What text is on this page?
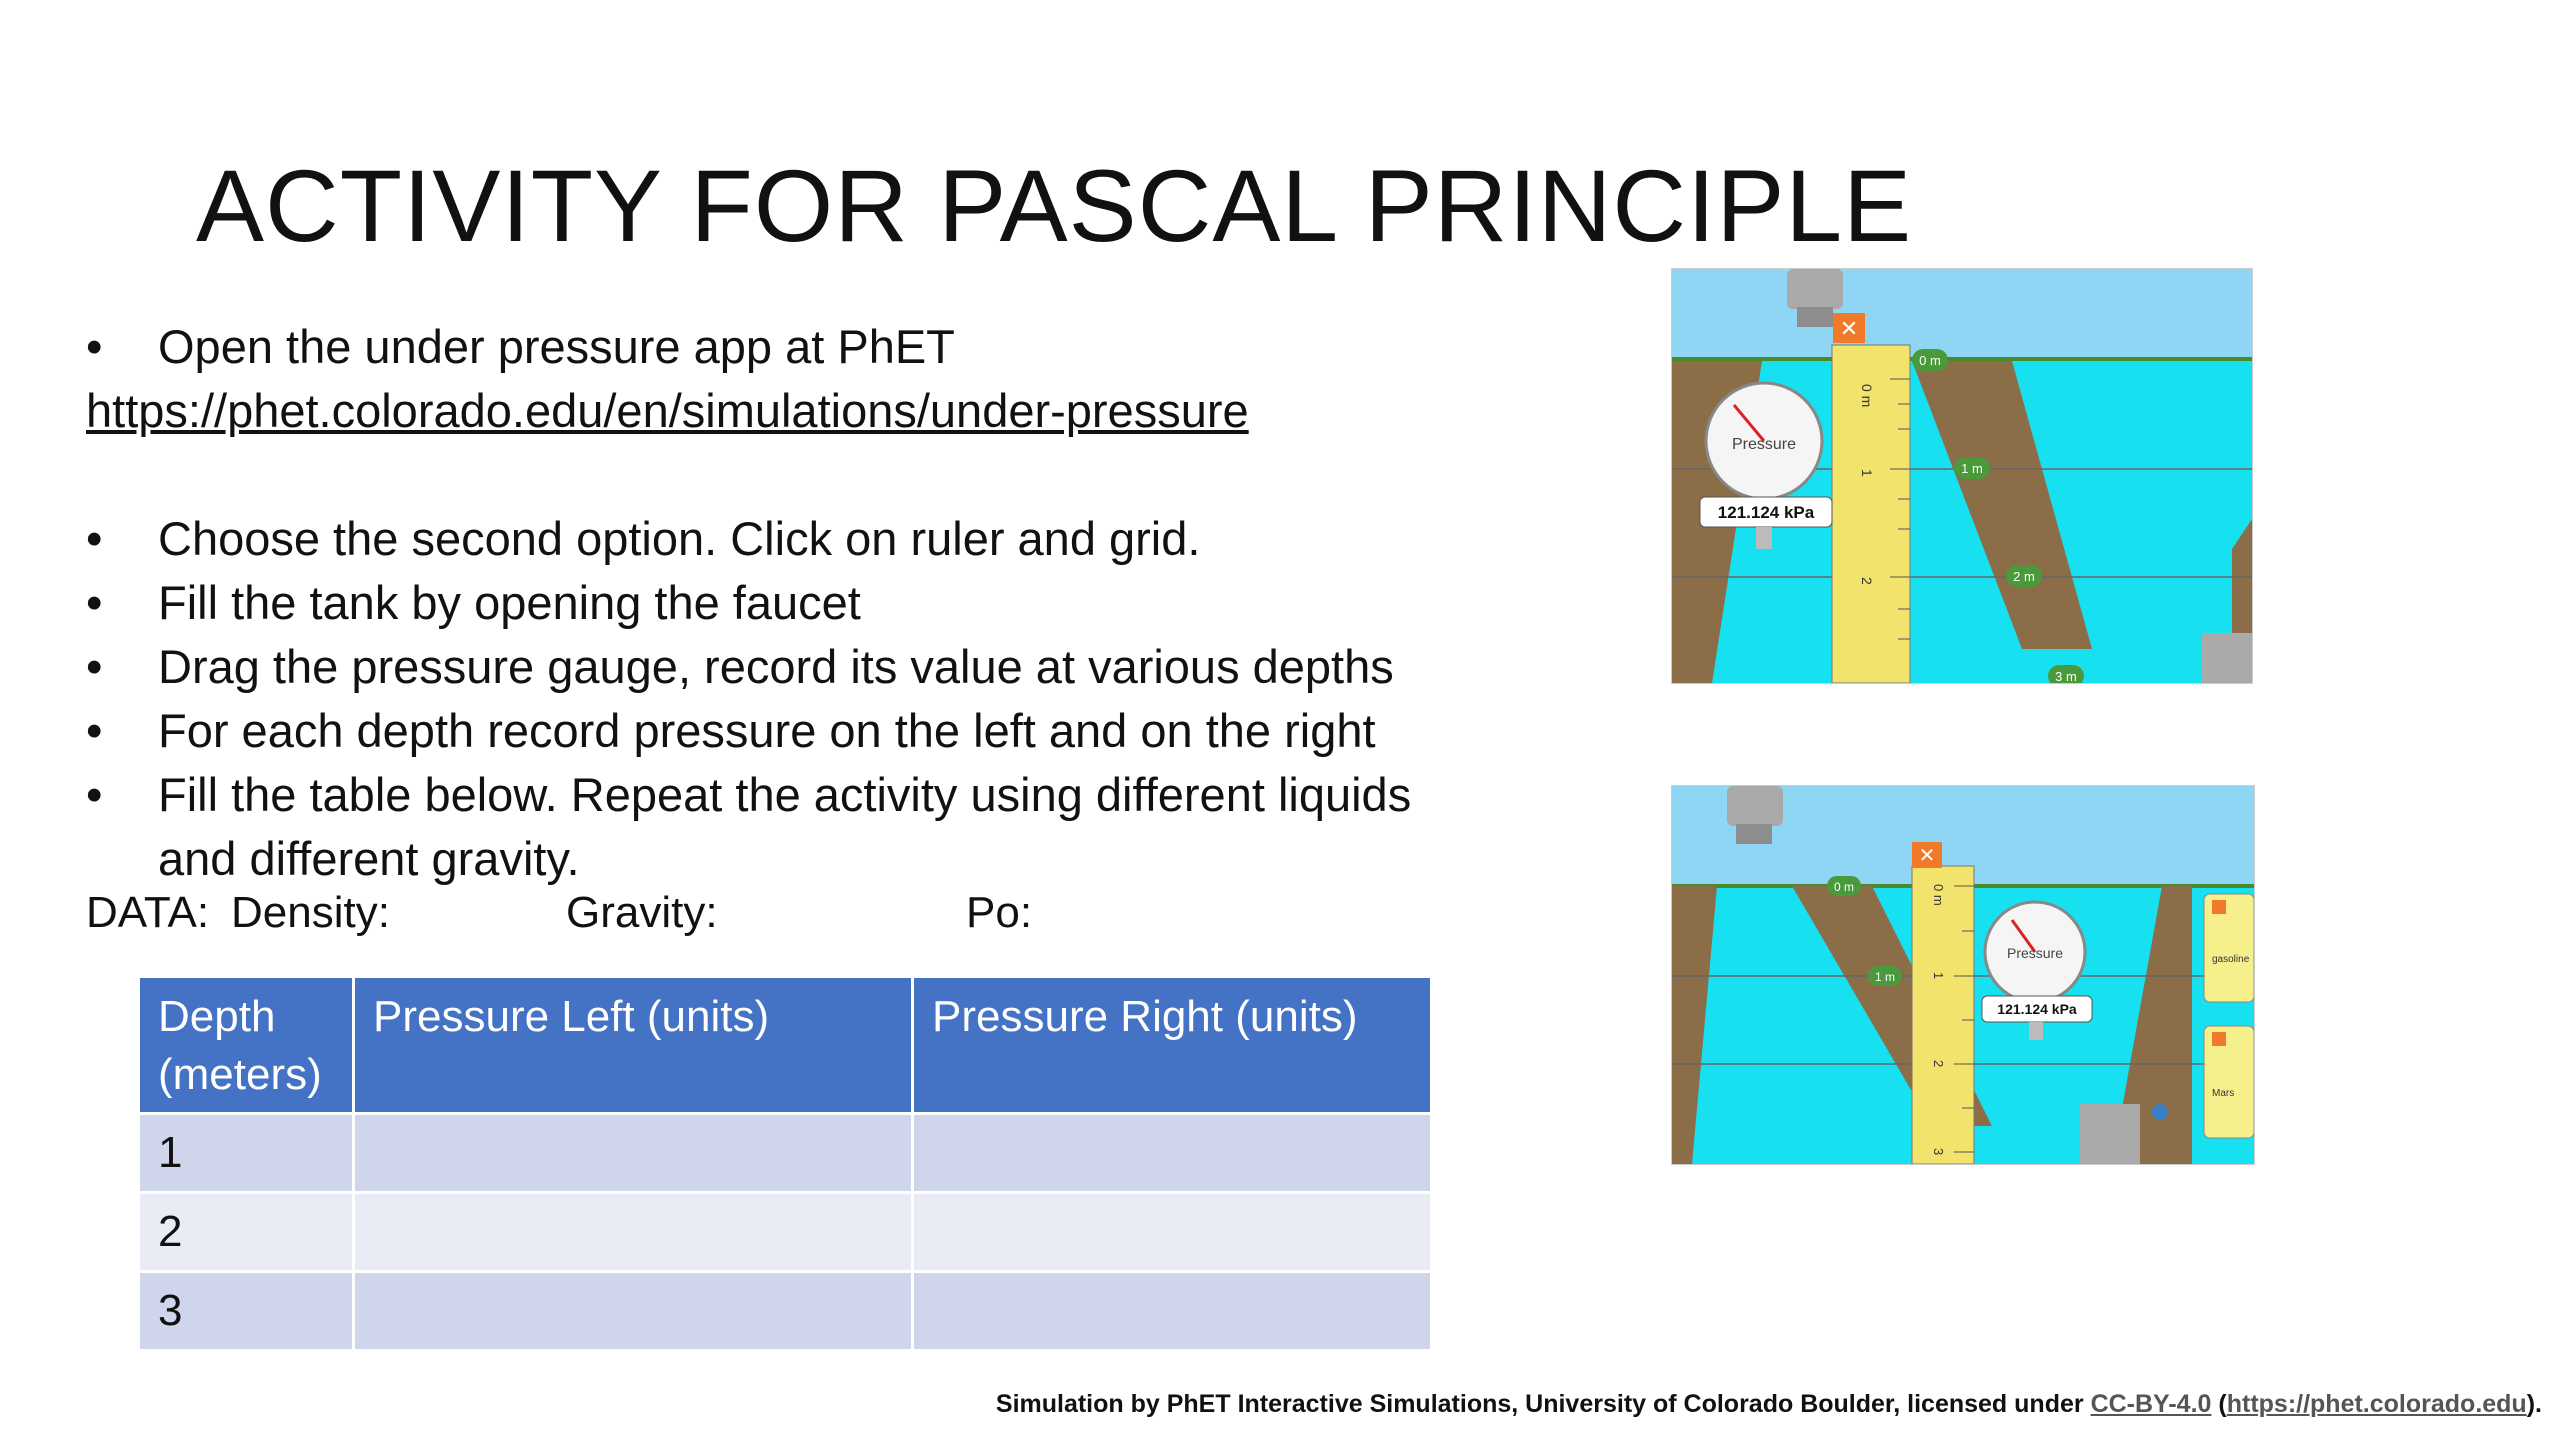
ACTIVITY FOR PASCAL PRINCIPLE
•	Open the under pressure app at PhET
https://phet.colorado.edu/en/simulations/under-pressure
•	Choose the second option. Click on ruler and grid.
•	Fill the tank by opening the faucet
•	Drag the pressure gauge, record its value at various depths
•	For each depth record pressure on the left and on the right
•	Fill the table below. Repeat the activity using different liquids and different gravity.
DATA: Density:	Gravity:	Po:
Depth (meters)	Pressure Left (units)	Pressure Right (units)
1		
2		
3		
✕
0 m
1
2
0 m
1 m
2 m
3 m
Pressure
121.124 kPa
✕
0 m
1
2
3
0 m
1 m
Pressure
121.124 kPa
gasoline
Mars
Simulation by PhET Interactive Simulations, University of Colorado Boulder, licensed under CC-BY-4.0 (https://phet.colorado.edu).
